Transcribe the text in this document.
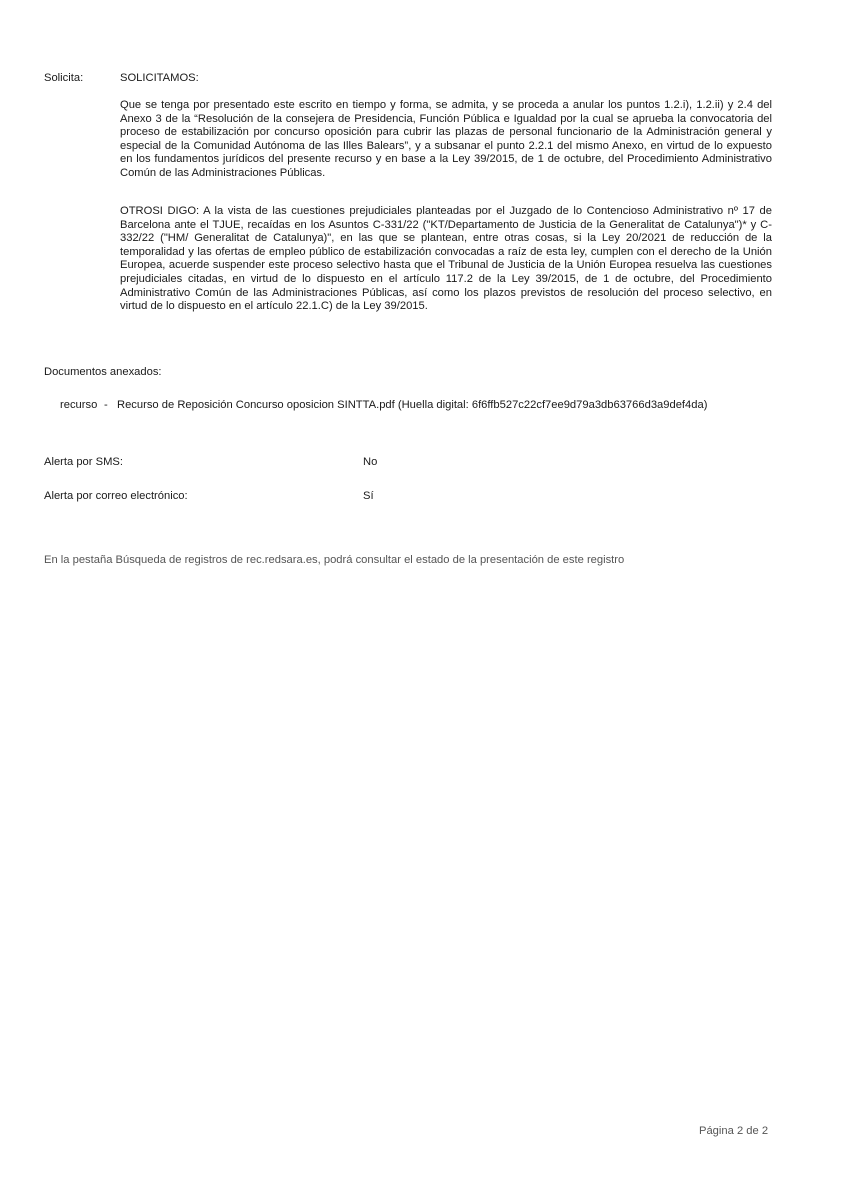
Solicita:	SOLICITAMOS:

Que se tenga por presentado este escrito en tiempo y forma, se admita, y se proceda a anular los puntos 1.2.i), 1.2.ii) y 2.4 del Anexo 3 de la “Resolución de la consejera de Presidencia, Función Pública e Igualdad por la cual se aprueba la convocatoria del proceso de estabilización por concurso oposición para cubrir las plazas de personal funcionario de la Administración general y especial de la Comunidad Autónoma de las Illes Balears”, y a subsanar el punto 2.2.1 del mismo Anexo, en virtud de lo expuesto en los fundamentos jurídicos del presente recurso y en base a la Ley 39/2015, de 1 de octubre, del Procedimiento Administrativo Común de las Administraciones Públicas.

OTROSI DIGO: A la vista de las cuestiones prejudiciales planteadas por el Juzgado de lo Contencioso Administrativo nº 17 de Barcelona ante el TJUE, recaídas en los Asuntos C-331/22 ("KT/Departamento de Justicia de la Generalitat de Catalunya")* y C-332/22 ("HM/ Generalitat de Catalunya)", en las que se plantean, entre otras cosas, si la Ley 20/2021 de reducción de la temporalidad y las ofertas de empleo público de estabilización convocadas a raíz de esta ley, cumplen con el derecho de la Unión Europea, acuerde suspender este proceso selectivo hasta que el Tribunal de Justicia de la Unión Europea resuelva las cuestiones prejudiciales citadas, en virtud de lo dispuesto en el artículo 117.2 de la Ley 39/2015, de 1 de octubre, del Procedimiento Administrativo Común de las Administraciones Públicas, así como los plazos previstos de resolución del proceso selectivo, en virtud de lo dispuesto en el artículo 22.1.C) de la Ley 39/2015.

Documentos anexados:
recurso - Recurso de Reposición Concurso oposicion SINTTA.pdf (Huella digital: 6f6ffb527c22cf7ee9d79a3db63766d3a9def4da)
Alerta por SMS:	No
Alerta por correo electrónico:	Sí
En la pestaña Búsqueda de registros de rec.redsara.es, podrá consultar el estado de la presentación de este registro
Página 2 de 2
